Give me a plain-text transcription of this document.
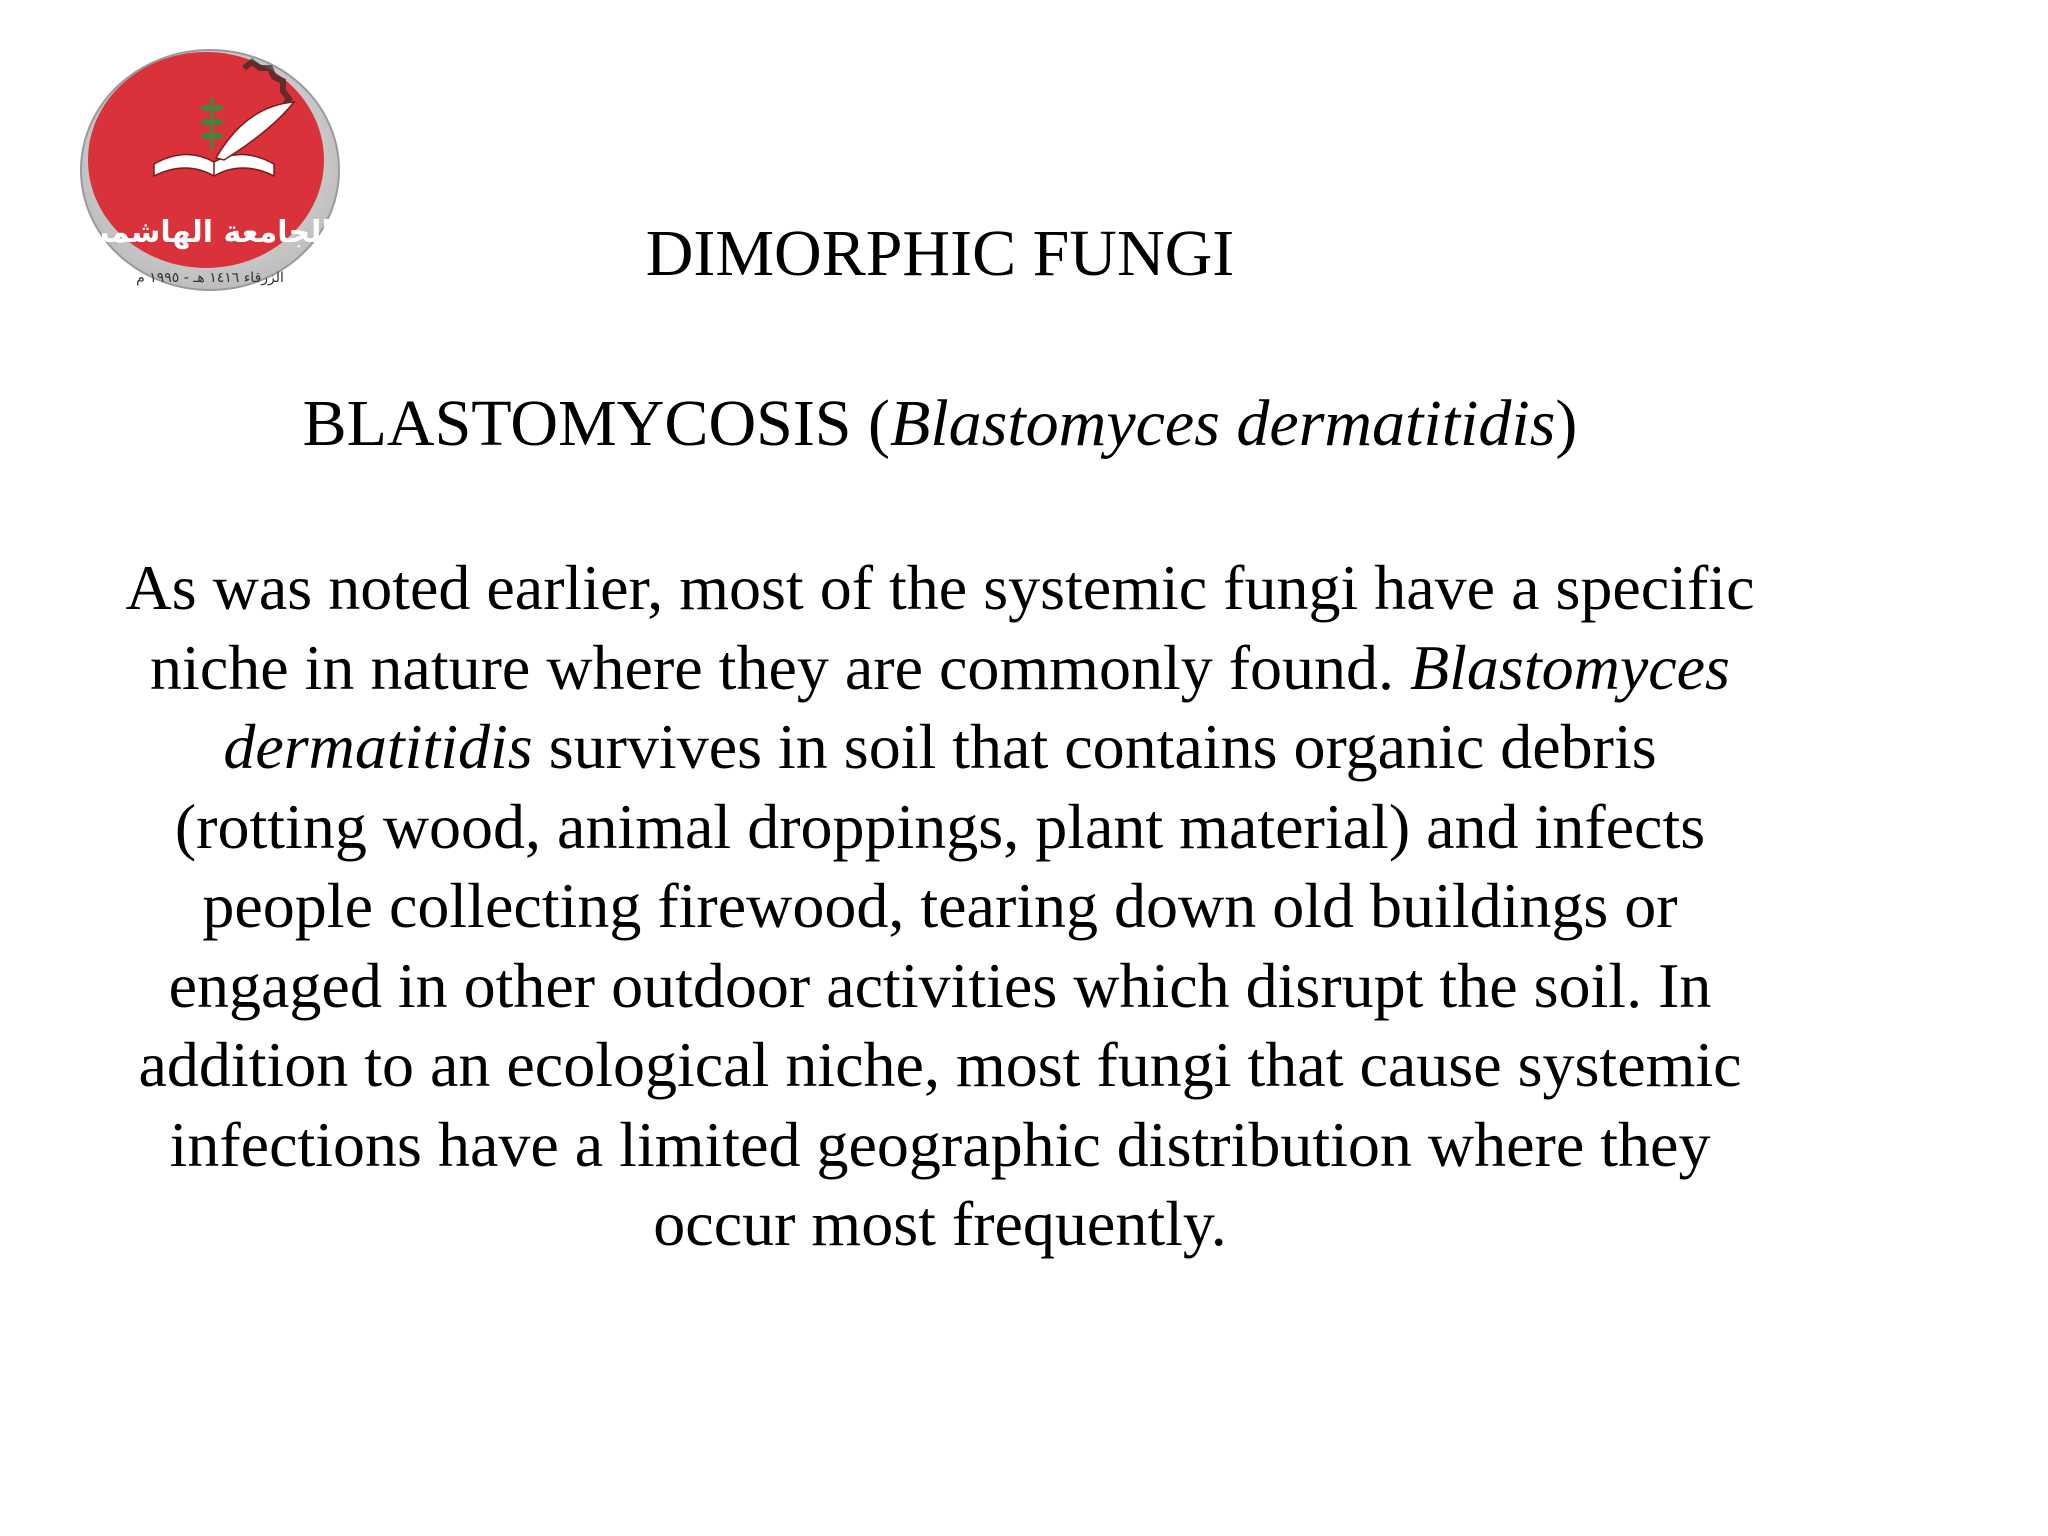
الجامعة الهاشمية
الزرقاء ١٤١٦ هـ - ١٩٩٥ م	DIMORPHIC FUNGI
BLASTOMYCOSIS (Blastomyces dermatitidis)

As was noted earlier, most of the systemic fungi have a specific niche in nature where they are commonly found. Blastomyces dermatitidis survives in soil that contains organic debris (rotting wood, animal droppings, plant material) and infects people collecting firewood, tearing down old buildings or engaged in other outdoor activities which disrupt the soil. In addition to an ecological niche, most fungi that cause systemic infections have a limited geographic distribution where they occur most frequently.
